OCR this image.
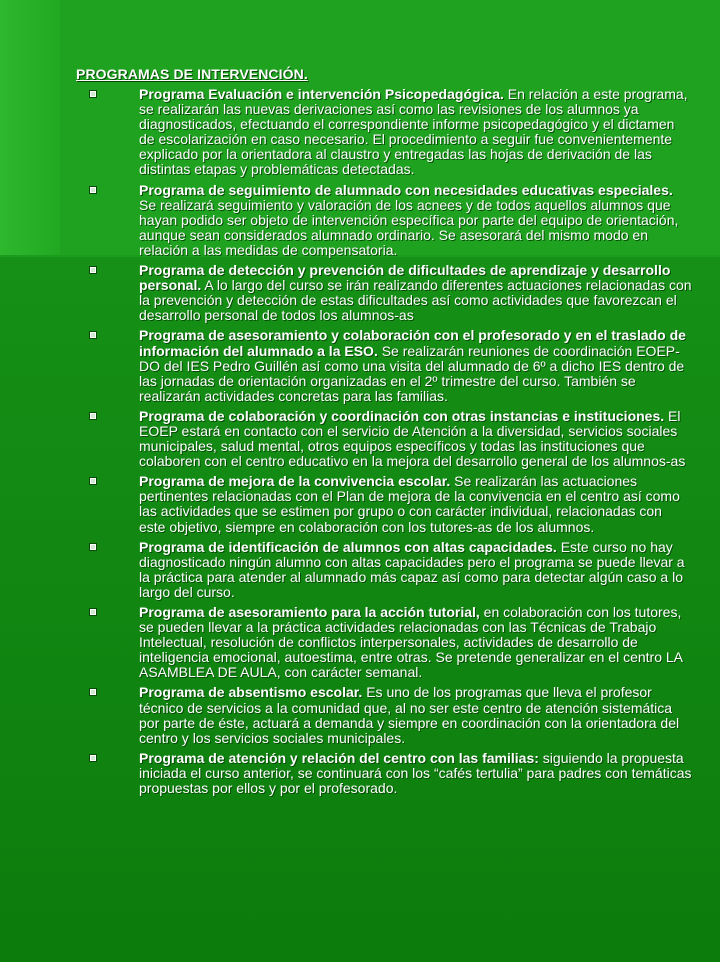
PROGRAMAS DE INTERVENCIÓN.
Programa Evaluación e intervención Psicopedagógica. En relación a este programa, se realizarán las nuevas derivaciones así como las revisiones de los alumnos ya diagnosticados, efectuando el correspondiente informe psicopedagógico y el dictamen de escolarización en caso necesario. El procedimiento a seguir fue convenientemente explicado por la orientadora al claustro y entregadas las hojas de derivación de las distintas etapas y problemáticas detectadas.
Programa de seguimiento de alumnado con necesidades educativas especiales. Se realizará seguimiento y valoración de los acnees y de todos aquellos alumnos que hayan podido ser objeto de intervención específica por parte del equipo de orientación, aunque sean considerados alumnado ordinario. Se asesorará del mismo modo en relación a las medidas de compensatoria.
Programa de detección y prevención de dificultades de aprendizaje y desarrollo personal. A lo largo del curso se irán realizando diferentes actuaciones relacionadas con la prevención y detección de estas dificultades así como actividades que favorezcan el desarrollo personal de todos los alumnos-as
Programa de asesoramiento y colaboración con el profesorado y en el traslado de información del alumnado a la ESO. Se realizarán reuniones de coordinación EOEP-DO del IES Pedro Guillén así como una visita del alumnado de 6º a dicho IES dentro de las jornadas de orientación organizadas en el 2º trimestre del curso. También se realizarán actividades concretas para las familias.
Programa de colaboración y coordinación con otras instancias e instituciones. El EOEP estará en contacto con el servicio de Atención a la diversidad, servicios sociales municipales, salud mental, otros equipos específicos y todas las instituciones que colaboren con el centro educativo en la mejora del desarrollo general de los alumnos-as
Programa de mejora de la convivencia escolar. Se realizarán las actuaciones pertinentes relacionadas con el Plan de mejora de la convivencia en el centro así como las actividades que se estimen por grupo o con carácter individual, relacionadas con este objetivo, siempre en colaboración con los tutores-as de los alumnos.
Programa de identificación de alumnos con altas capacidades. Este curso no hay diagnosticado ningún alumno con altas capacidades pero el programa se puede llevar a la práctica para atender al alumnado más capaz así como para detectar algún caso a lo largo del curso.
Programa de asesoramiento para la acción tutorial, en colaboración con los tutores, se pueden llevar a la práctica actividades relacionadas con las Técnicas de Trabajo Intelectual, resolución de conflictos interpersonales, actividades de desarrollo de inteligencia emocional, autoestima, entre otras. Se pretende generalizar en el centro LA ASAMBLEA DE AULA, con carácter semanal.
Programa de absentismo escolar. Es uno de los programas que lleva el profesor técnico de servicios a la comunidad que, al no ser este centro de atención sistemática por parte de éste, actuará a demanda y siempre en coordinación con la orientadora del centro y los servicios sociales municipales.
Programa de atención y relación del centro con las familias: siguiendo la propuesta iniciada el curso anterior, se continuará con los “cafés tertulia” para padres con temáticas propuestas por ellos y por el profesorado.
